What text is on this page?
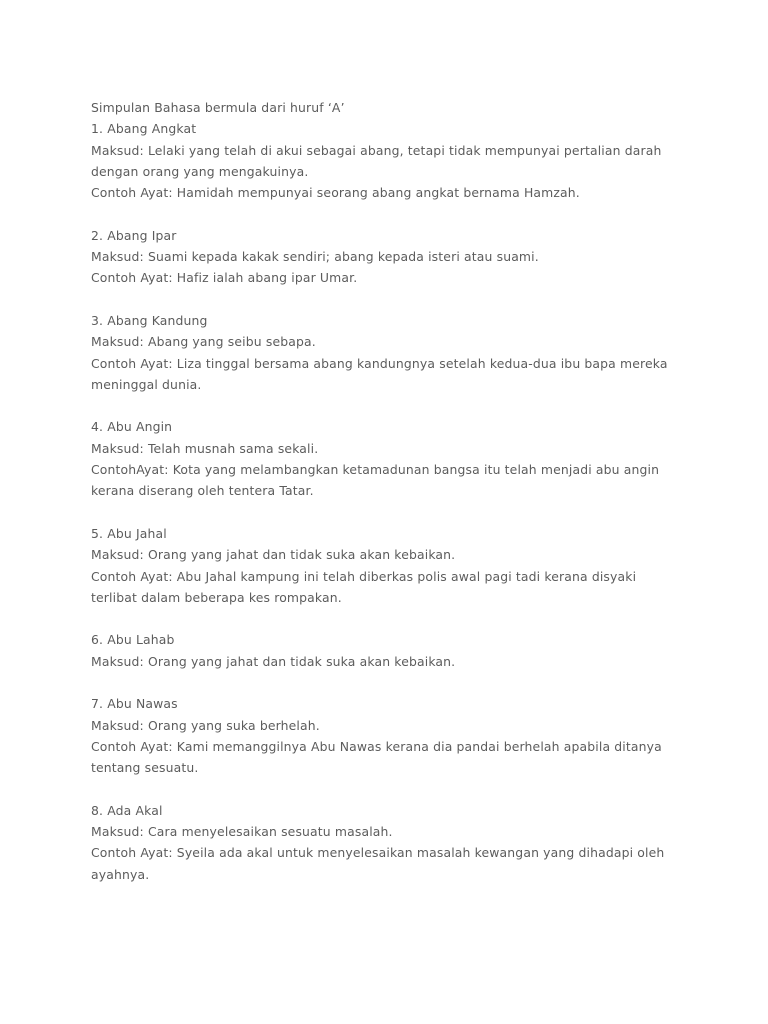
Simpulan Bahasa bermula dari huruf ‘A’
1. Abang Angkat
Maksud: Lelaki yang telah di akui sebagai abang, tetapi tidak mempunyai pertalian darah
dengan orang yang mengakuinya.
Contoh Ayat: Hamidah mempunyai seorang abang angkat bernama Hamzah.
2. Abang Ipar
Maksud: Suami kepada kakak sendiri; abang kepada isteri atau suami.
Contoh Ayat: Hafiz ialah abang ipar Umar.
3. Abang Kandung
Maksud: Abang yang seibu sebapa.
Contoh Ayat: Liza tinggal bersama abang kandungnya setelah kedua-dua ibu bapa mereka
meninggal dunia.
4. Abu Angin
Maksud: Telah musnah sama sekali.
ContohAyat: Kota yang melambangkan ketamadunan bangsa itu telah menjadi abu angin
kerana diserang oleh tentera Tatar.
5. Abu Jahal
Maksud: Orang yang jahat dan tidak suka akan kebaikan.
Contoh Ayat: Abu Jahal kampung ini telah diberkas polis awal pagi tadi kerana disyaki
terlibat dalam beberapa kes rompakan.
6. Abu Lahab
Maksud: Orang yang jahat dan tidak suka akan kebaikan.
7. Abu Nawas
Maksud: Orang yang suka berhelah.
Contoh Ayat: Kami memanggilnya Abu Nawas kerana dia pandai berhelah apabila ditanya
tentang sesuatu.
8. Ada Akal
Maksud: Cara menyelesaikan sesuatu masalah.
Contoh Ayat: Syeila ada akal untuk menyelesaikan masalah kewangan yang dihadapi oleh
ayahnya.
